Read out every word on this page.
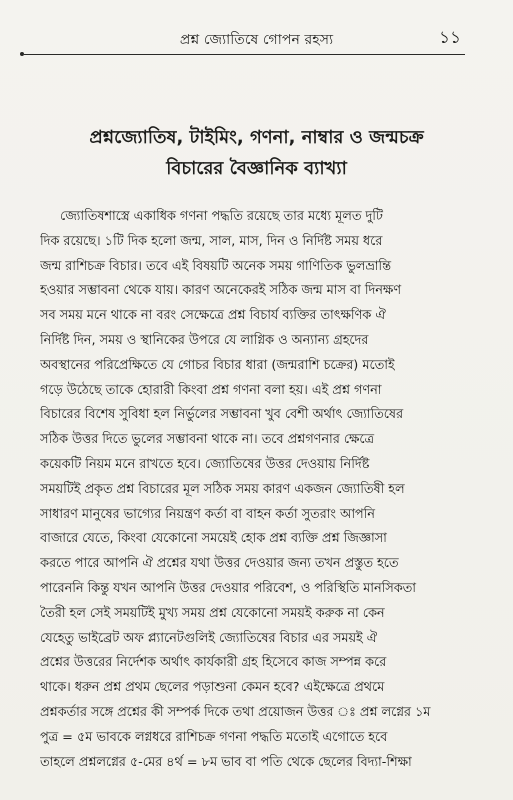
প্রশ্ন জ্যোতিষে গোপন রহস্য	১১
প্রশ্নজ্যোতিষ, টাইমিং, গণনা, নাম্বার ও জন্মচক্র
বিচারের বৈজ্ঞানিক ব্যাখ্যা
জ্যোতিষশাস্ত্রে একাধিক গণনা পদ্ধতি রয়েছে তার মধ্যে মূলত দুটি
দিক রয়েছে। ১টি দিক হলো জন্ম, সাল, মাস, দিন ও নির্দিষ্ট সময় ধরে
জন্ম রাশিচক্র বিচার। তবে এই বিষয়টি অনেক সময় গাণিতিক ভুলভ্রান্তি
হওয়ার সম্ভাবনা থেকে যায়। কারণ অনেকেরই সঠিক জন্ম মাস বা দিনক্ষণ
সব সময় মনে থাকে না বরং সেক্ষেত্রে প্রশ্ন বিচার্য ব্যক্তির তাৎক্ষণিক ঐ
নির্দিষ্ট দিন, সময় ও স্থানিকের উপরে যে লাগ্নিক ও অন্যান্য গ্রহদের
অবস্থানের পরিপ্রেক্ষিতে যে গোচর বিচার ধারা (জন্মরাশি চক্রের) মতোই
গড়ে উঠেছে তাকে হোরারী কিংবা প্রশ্ন গণনা বলা হয়। এই প্রশ্ন গণনা
বিচারের বিশেষ সুবিধা হল নির্ভুলের সম্ভাবনা খুব বেশী অর্থাৎ জ্যোতিষের
সঠিক উত্তর দিতে ভুলের সম্ভাবনা থাকে না। তবে প্রশ্নগণনার ক্ষেত্রে
কয়েকটি নিয়ম মনে রাখতে হবে। জ্যোতিষের উত্তর দেওয়ায় নির্দিষ্ট
সময়টিই প্রকৃত প্রশ্ন বিচারের মূল সঠিক সময় কারণ একজন জ্যোতিষী হল
সাধারণ মানুষের ভাগ্যের নিয়ন্ত্রণ কর্তা বা বাহন কর্তা সুতরাং আপনি
বাজারে যেতে, কিংবা যেকোনো সময়েই হোক প্রশ্ন ব্যক্তি প্রশ্ন জিজ্ঞাসা
করতে পারে আপনি ঐ প্রশ্নের যথা উত্তর দেওয়ার জন্য তখন প্রস্তুত হতে
পারেননি কিন্তু যখন আপনি উত্তর দেওয়ার পরিবেশ, ও পরিস্থিতি মানসিকতা
তৈরী হল সেই সময়টিই মুখ্য সময় প্রশ্ন যেকোনো সময়ই করুক না কেন
যেহেতু ভাইব্রেট অফ প্ল্যানেটগুলিই জ্যোতিষের বিচার এর সময়ই ঐ
প্রশ্নের উত্তরের নির্দেশক অর্থাৎ কার্যকারী গ্রহ হিসেবে কাজ সম্পন্ন করে
থাকে। ধরুন প্রশ্ন প্রথম ছেলের পড়াশুনা কেমন হবে? এইক্ষেত্রে প্রথমে
প্রশ্নকর্তার সঙ্গে প্রশ্নের কী সম্পর্ক দিকে তথা প্রয়োজন উত্তর ঃ প্রশ্ন লগ্নের ১ম
পুত্র = ৫ম ভাবকে লগ্নধরে রাশিচক্র গণনা পদ্ধতি মতোই এগোতে হবে
তাহলে প্রশ্নলগ্নের ৫-মের ৪র্থ = ৮ম ভাব বা পতি থেকে ছেলের বিদ্যা-শিক্ষা
